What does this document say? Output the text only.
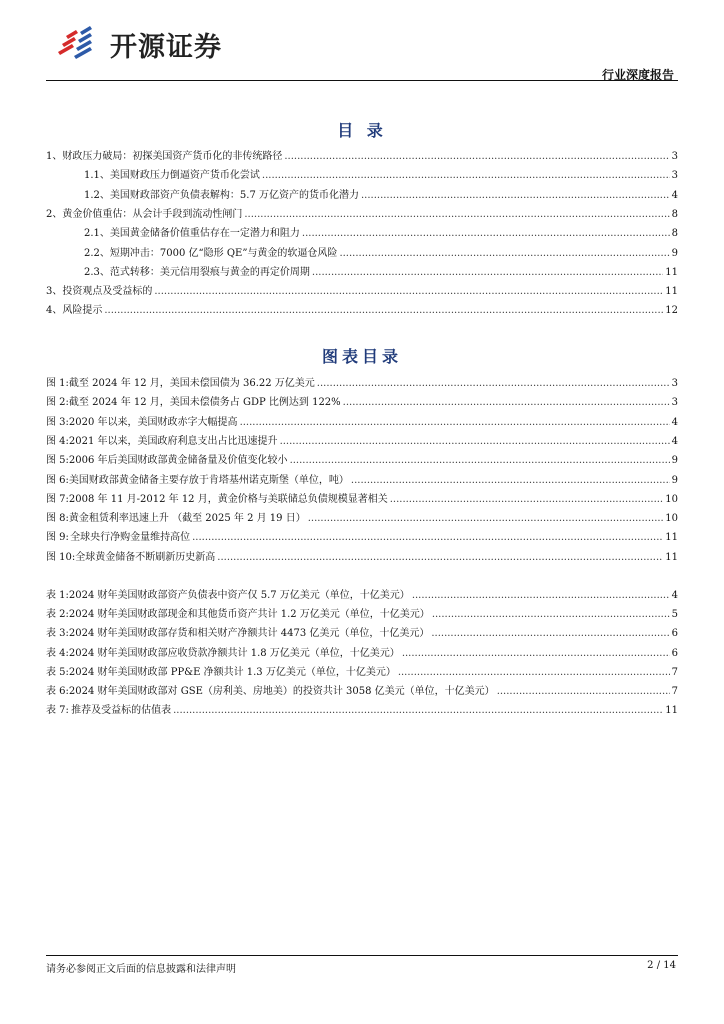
开源证券
行业深度报告
目 录
1、 财政压力破局：初探美国资产货币化的非传统路径 .....	3
1.1、 美国财政压力倒逼资产货币化尝试 .....	3
1.2、 美国财政部资产负债表解构：5.7 万亿资产的货币化潜力 .....	4
2、 黄金价值重估：从会计手段到流动性闸门 .....	8
2.1、 美国黄金储备价值重估存在一定潜力和阻力 .....	8
2.2、 短期冲击：7000 亿“隐形 QE”与黄金的软逼仓风险 .....	9
2.3、 范式转移：美元信用裂痕与黄金的再定价周期 .....	11
3、 投资观点及受益标的 .....	11
4、 风险提示 .....	12
图表目录
图 1: 截至 2024 年 12 月，美国未偿国债为 36.22 万亿美元 .....	3
图 2: 截至 2024 年 12 月，美国未偿债务占 GDP 比例达到 122% .....	3
图 3: 2020 年以来，美国财政赤字大幅提高 .....	4
图 4: 2021 年以来，美国政府利息支出占比迅速提升 .....	4
图 5: 2006 年后美国财政部黄金储备量及价值变化较小 .....	9
图 6: 美国财政部黄金储备主要存放于肯塔基州诺克斯堡（单位，吨） .....	9
图 7: 2008 年 11 月-2012 年 12 月，黄金价格与美联储总负债规模显著相关 .....	10
图 8: 黄金租赁利率迅速上升 （截至 2025 年 2 月 19 日） .....	10
图 9: 全球央行净购金量维持高位 .....	11
图 10: 全球黄金储备不断刷新历史新高 .....	11
表 1: 2024 财年美国财政部资产负债表中资产仅 5.7 万亿美元（单位，十亿美元） .....	4
表 2: 2024 财年美国财政部现金和其他货币资产共计 1.2 万亿美元（单位，十亿美元） .....	5
表 3: 2024 财年美国财政部存货和相关财产净额共计 4473 亿美元（单位，十亿美元） .....	6
表 4: 2024 财年美国财政部应收贷款净额共计 1.8 万亿美元（单位，十亿美元） .....	6
表 5: 2024 财年美国财政部 PP&E 净额共计 1.3 万亿美元（单位，十亿美元） .....	7
表 6: 2024 财年美国财政部对 GSE（房利美、房地美）的投资共计 3058 亿美元（单位，十亿美元） .....	7
表 7: 推荐及受益标的估值表 .....	11
请务必参阅正文后面的信息披露和法律声明	2 / 14
